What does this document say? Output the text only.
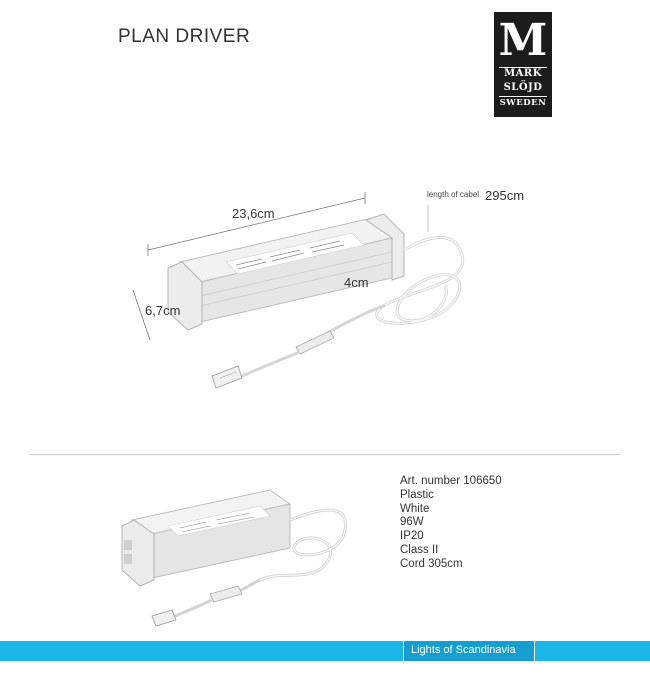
PLAN DRIVER	M
MARK
SLÖJD
SWEDEN
23,6cm
6,7cm
4cm
length of cabel 295cm
Art. number 106650
Plastic
White
96W
IP20
Class II
Cord 305cm
Lights of Scandinavia
